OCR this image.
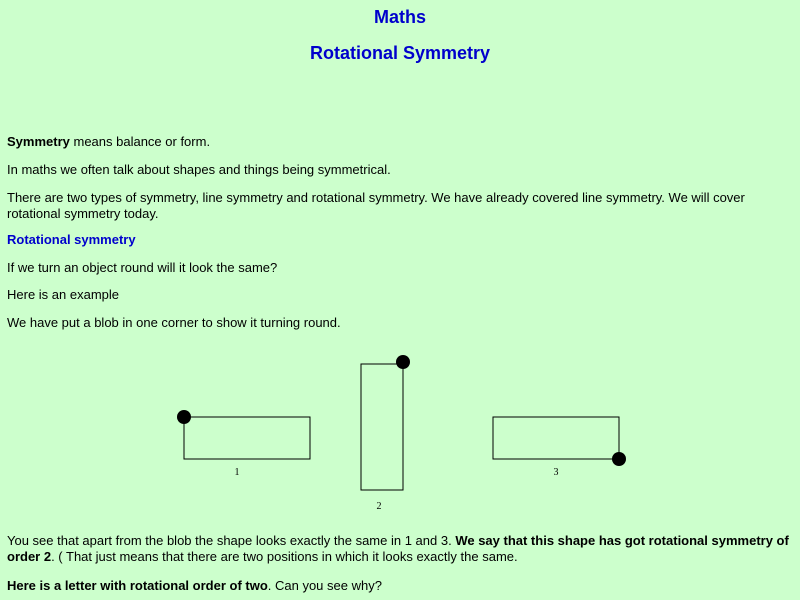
Maths
Rotational Symmetry

Symmetry means balance or form.

In maths we often talk about shapes and things being symmetrical.

There are two types of symmetry, line symmetry and rotational symmetry. We have already covered line symmetry. We will cover rotational symmetry today.

Rotational symmetry

If we turn an object round will it look the same?

Here is an example

We have put a blob in one corner to show it turning round.

1
2
3

You see that apart from the blob the shape looks exactly the same in 1 and 3. We say that this shape has got rotational symmetry of order 2. ( That just means that there are two positions in which it looks exactly the same.

Here is a letter with rotational order of two. Can you see why?
